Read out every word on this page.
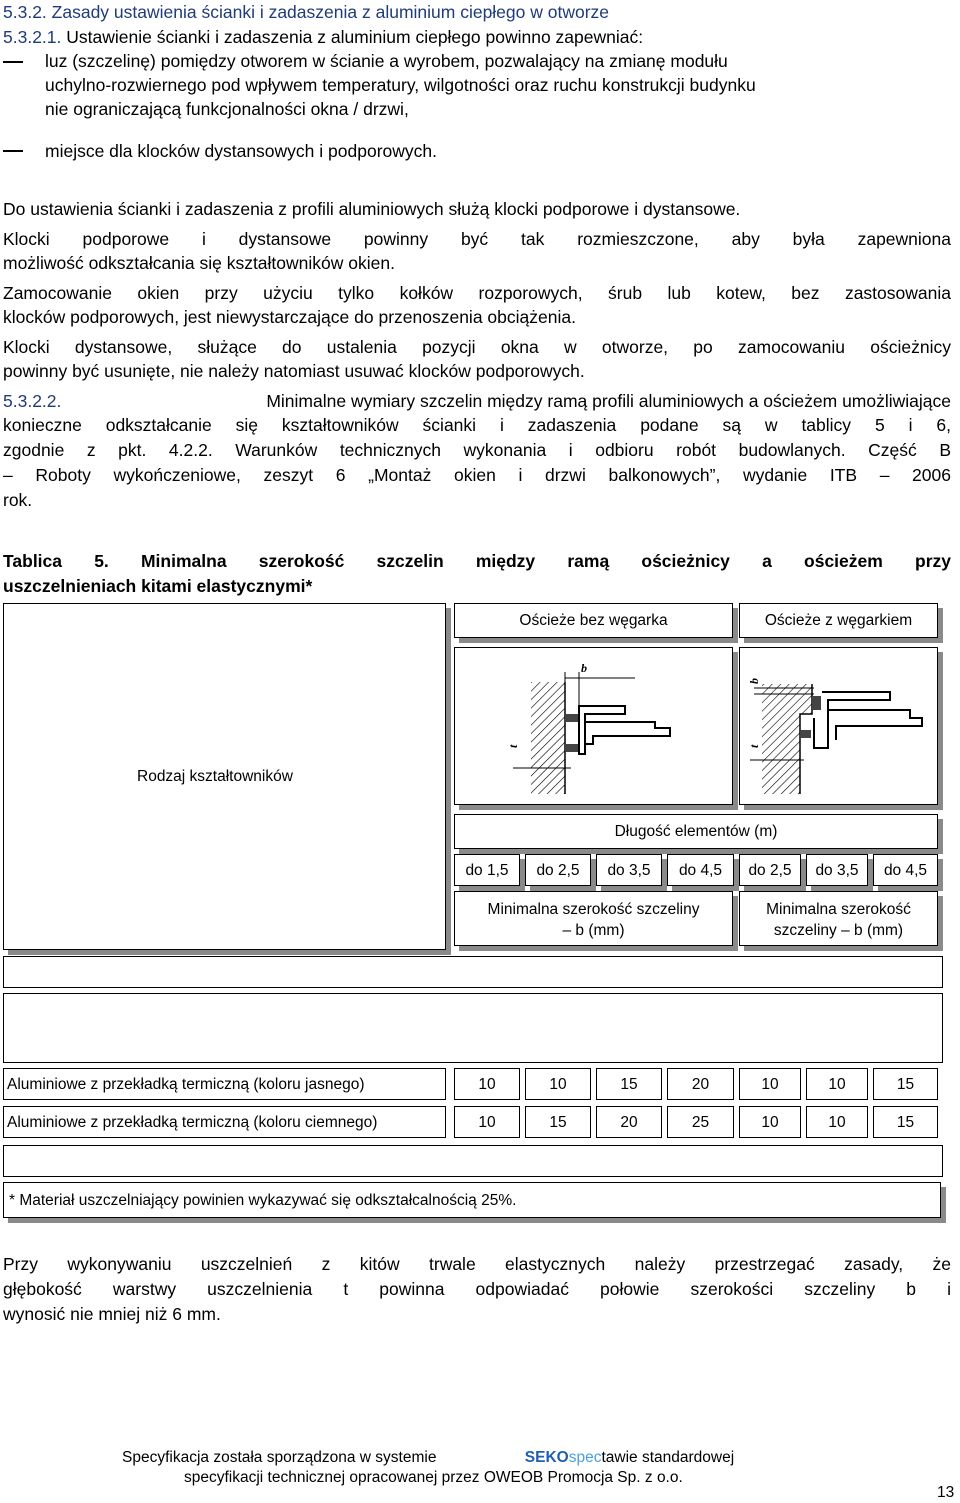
5.3.2. Zasady ustawienia ścianki i zadaszenia z aluminium ciepłego w otworze
5.3.2.1. Ustawienie ścianki i zadaszenia z aluminium ciepłego powinno zapewniać:
luz (szczelinę) pomiędzy otworem w ścianie a wyrobem, pozwalający na zmianę modułu
uchylno-rozwiernego pod wpływem temperatury, wilgotności oraz ruchu konstrukcji budynku
nie ograniczającą funkcjonalności okna / drzwi,
miejsce dla klocków dystansowych i podporowych.
Do ustawienia ścianki i zadaszenia z profili aluminiowych służą klocki podporowe i dystansowe.
Klocki podporowe i dystansowe powinny być tak rozmieszczone, aby była zapewniona
możliwość odkształcania się kształtowników okien.
Zamocowanie okien przy użyciu tylko kołków rozporowych, śrub lub kotew, bez zastosowania
klocków podporowych, jest niewystarczające do przenoszenia obciążenia.
Klocki dystansowe, służące do ustalenia pozycji okna w otworze, po zamocowaniu ościeżnicy
powinny być usunięte, nie należy natomiast usuwać klocków podporowych.
5.3.2.2.	Minimalne wymiary szczelin między ramą profili aluminiowych a ościeżem umożliwiające
konieczne odkształcanie się kształtowników ścianki i zadaszenia podane są w tablicy 5 i 6,
zgodnie z pkt. 4.2.2. Warunków technicznych wykonania i odbioru robót budowlanych. Część B
– Roboty wykończeniowe, zeszyt 6 „Montaż okien i drzwi balkonowych”, wydanie ITB – 2006
rok.
Tablica 5. Minimalna szerokość szczelin między ramą ościeżnicy a ościeżem przy
uszczelnieniach kitami elastycznymi*
Rodzaj kształtowników
Ościeże bez węgarka	Ościeże z węgarkiem
b
t
b
t
Długość elementów (m)
do 1,5	do 2,5	do 3,5	do 4,5	do 2,5	do 3,5	do 4,5
Minimalna szerokość szczeliny
– b (mm)
Minimalna szerokość
szczeliny – b (mm)
Aluminiowe z przekładką termiczną (koloru jasnego)	10	10	15	20	10	10	15
Aluminiowe z przekładką termiczną (koloru ciemnego)	10	15	20	25	10	10	15
* Materiał uszczelniający powinien wykazywać się odkształcalnością 25%.
Przy wykonywaniu uszczelnień z kitów trwale elastycznych należy przestrzegać zasady, że
głębokość warstwy uszczelnienia t powinna odpowiadać połowie szerokości szczeliny b i
wynosić nie mniej niż 6 mm.
Specyfikacja została sporządzona w systemie	SEKOspectawie standardowej
specyfikacji technicznej opracowanej przez OWEOB Promocja Sp. z o.o.
13
